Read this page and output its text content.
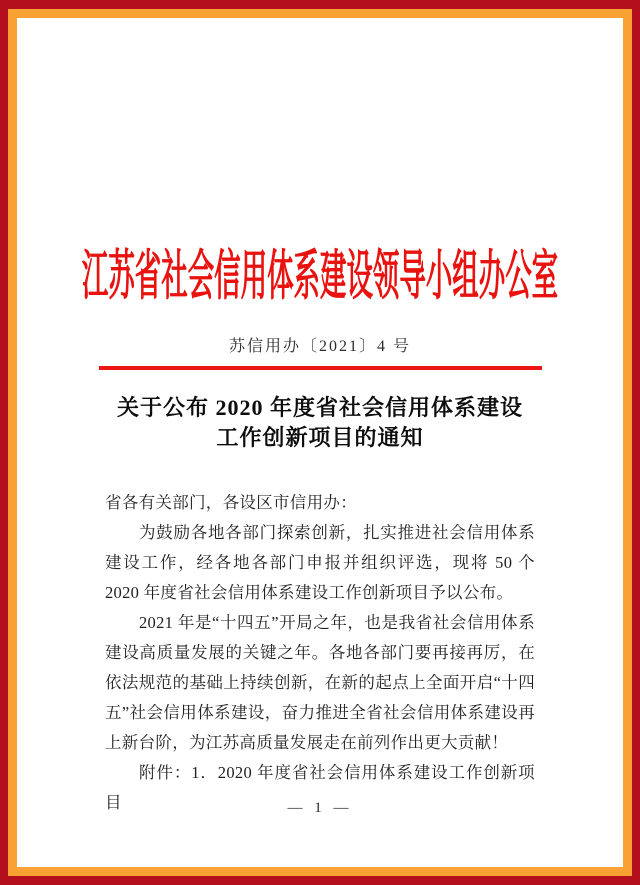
江苏省社会信用体系建设领导小组办公室
苏信用办〔2021〕4 号
关于公布 2020 年度省社会信用体系建设
工作创新项目的通知

省各有关部门，各设区市信用办：

为鼓励各地各部门探索创新，扎实推进社会信用体系建设工作，经各地各部门申报并组织评选，现将 50 个 2020 年度省社会信用体系建设工作创新项目予以公布。

2021 年是“十四五”开局之年，也是我省社会信用体系建设高质量发展的关键之年。各地各部门要再接再厉，在依法规范的基础上持续创新，在新的起点上全面开启“十四五”社会信用体系建设，奋力推进全省社会信用体系建设再上新台阶，为江苏高质量发展走在前列作出更大贡献！

附件：1．2020 年度省社会信用体系建设工作创新项目	— 1 —
